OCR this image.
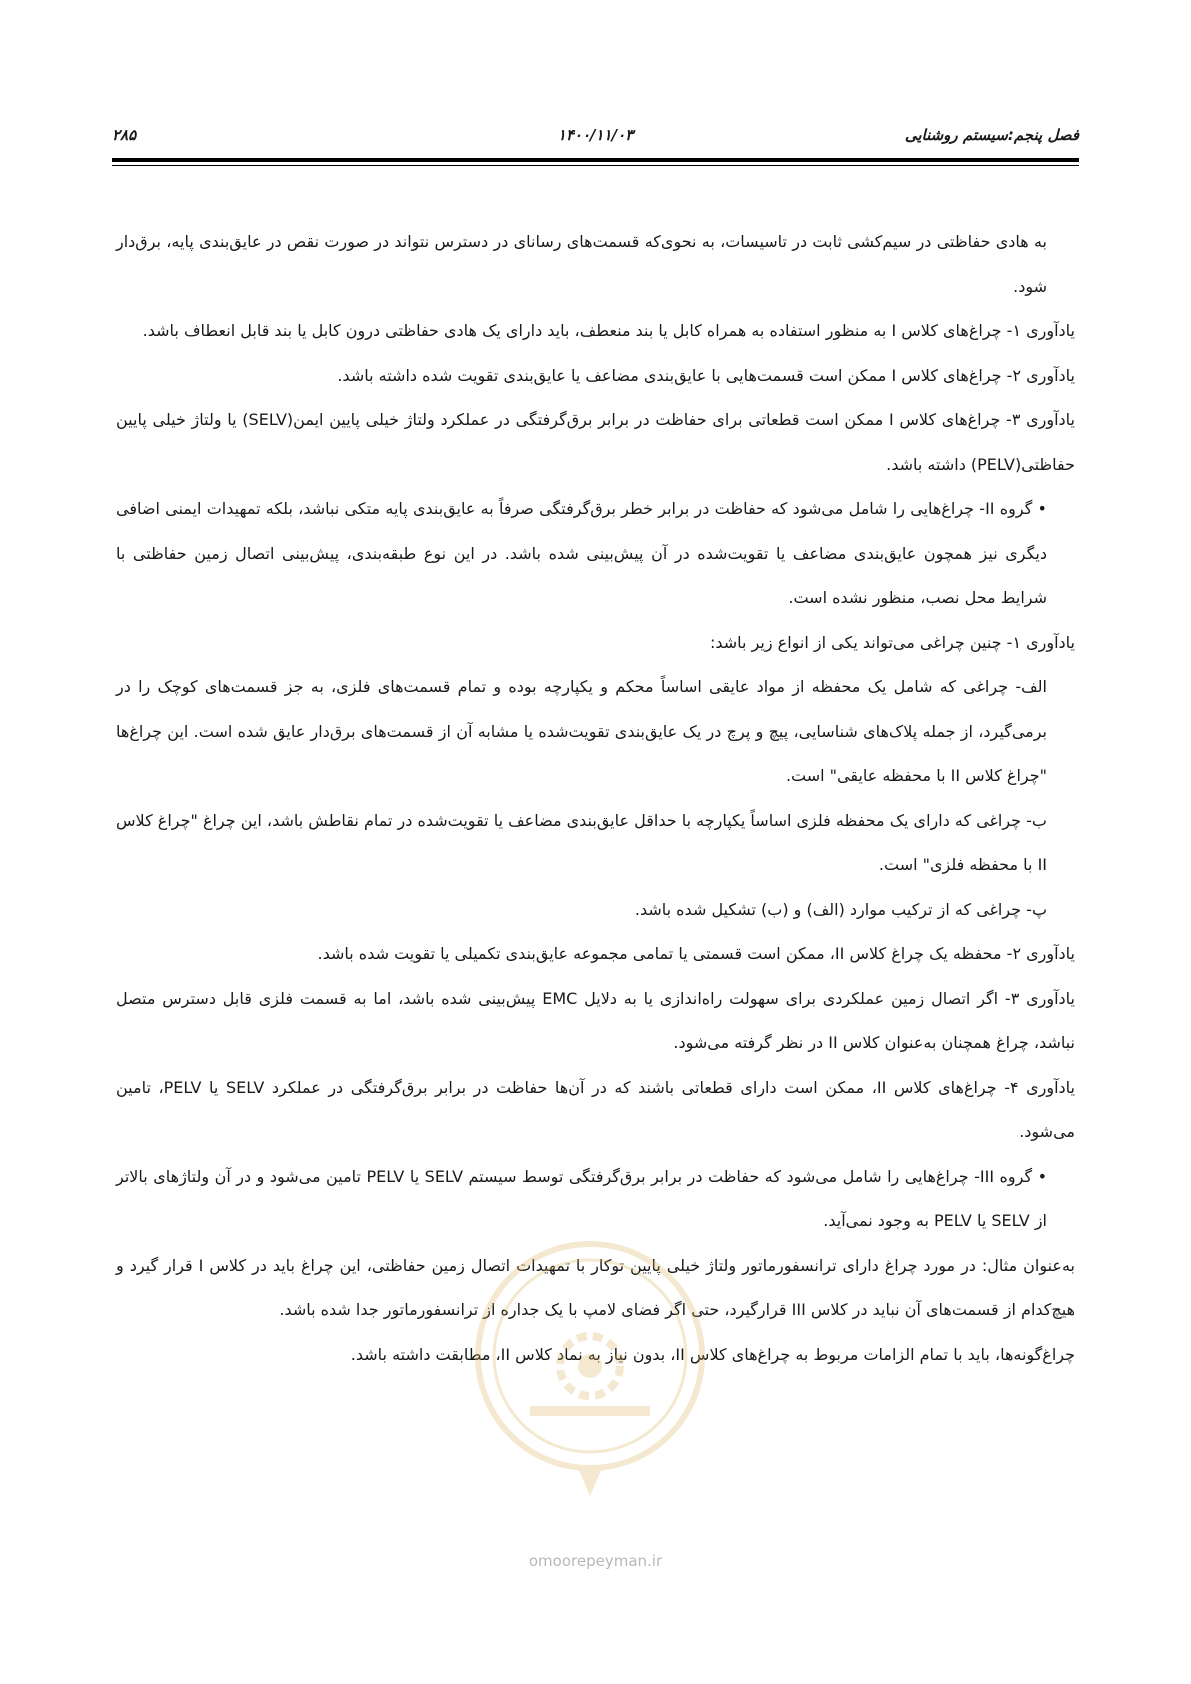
فصل پنجم:سیستم روشنایی
۱۴۰۰/۱۱/۰۳
۲۸۵

به هادی حفاظتی در سیم‌کشی ثابت در تاسیسات، به نحوی‌که قسمت‌های رسانای در دسترس نتواند در صورت نقص در عایق‌بندی پایه، برق‌دار شود.

یادآوری ۱- چراغ‌های کلاس I به منظور استفاده به همراه کابل یا بند منعطف، باید دارای یک هادی حفاظتی درون کابل یا بند قابل انعطاف باشد.

یادآوری ۲- چراغ‌های کلاس I ممکن است قسمت‌هایی با عایق‌بندی مضاعف یا عایق‌بندی تقویت شده داشته باشد.

یادآوری ۳- چراغ‌های کلاس I ممکن است قطعاتی برای حفاظت در برابر برق‌گرفتگی در عملکرد ولتاژ خیلی پایین ایمن(SELV) یا ولتاژ خیلی پایین حفاظتی(PELV) داشته باشد.

• گروه II- چراغ‌هایی را شامل می‌شود که حفاظت در برابر خطر برق‌گرفتگی صرفاً به عایق‌بندی پایه متکی نباشد، بلکه تمهیدات ایمنی اضافی دیگری نیز همچون عایق‌بندی مضاعف یا تقویت‌شده در آن پیش‌بینی شده باشد. در این نوع طبقه‌بندی، پیش‌بینی اتصال زمین حفاظتی با شرایط محل نصب، منظور نشده است.

یادآوری ۱- چنین چراغی می‌تواند یکی از انواع زیر باشد:

الف- چراغی که شامل یک محفظه از مواد عایقی اساساً محکم و یکپارچه بوده و تمام قسمت‌های فلزی، به جز قسمت‌های کوچک را در برمی‌گیرد، از جمله پلاک‌های شناسایی، پیچ و پرچ در یک عایق‌بندی تقویت‌شده یا مشابه آن از قسمت‌های برق‌دار عایق شده است. این چراغ‌ها "چراغ کلاس II با محفظه عایقی" است.

ب- چراغی که دارای یک محفظه فلزی اساساً یکپارچه با حداقل عایق‌بندی مضاعف یا تقویت‌شده در تمام نقاطش باشد، این چراغ "چراغ کلاس II با محفظه فلزی" است.

پ- چراغی که از ترکیب موارد (الف) و (ب) تشکیل شده باشد.

یادآوری ۲- محفظه یک چراغ کلاس II، ممکن است قسمتی یا تمامی مجموعه عایق‌بندی تکمیلی یا تقویت شده باشد.

یادآوری ۳- اگر اتصال زمین عملکردی برای سهولت راه‌اندازی یا به دلایل EMC پیش‌بینی شده باشد، اما به قسمت فلزی قابل دسترس متصل نباشد، چراغ همچنان به‌عنوان کلاس II در نظر گرفته می‌شود.

یادآوری ۴- چراغ‌های کلاس II، ممکن است دارای قطعاتی باشند که در آن‌ها حفاظت در برابر برق‌گرفتگی در عملکرد SELV یا PELV، تامین می‌شود.

• گروه III- چراغ‌هایی را شامل می‌شود که حفاظت در برابر برق‌گرفتگی توسط سیستم SELV یا PELV تامین می‌شود و در آن ولتاژهای بالاتر از SELV یا PELV به وجود نمی‌آید.

به‌عنوان مثال: در مورد چراغ دارای ترانسفورماتور ولتاژ خیلی پایین توکار با تمهیدات اتصال زمین حفاظتی، این چراغ باید در کلاس I قرار گیرد و هیچ‌کدام از قسمت‌های آن نباید در کلاس III قرارگیرد، حتی اگر فضای لامپ با یک جداره از ترانسفورماتور جدا شده باشد.

چراغ‌گونه‌ها، باید با تمام الزامات مربوط به چراغ‌های کلاس II، بدون نیاز به نماد کلاس II، مطابقت داشته باشد.

omoorepeyman.ir
